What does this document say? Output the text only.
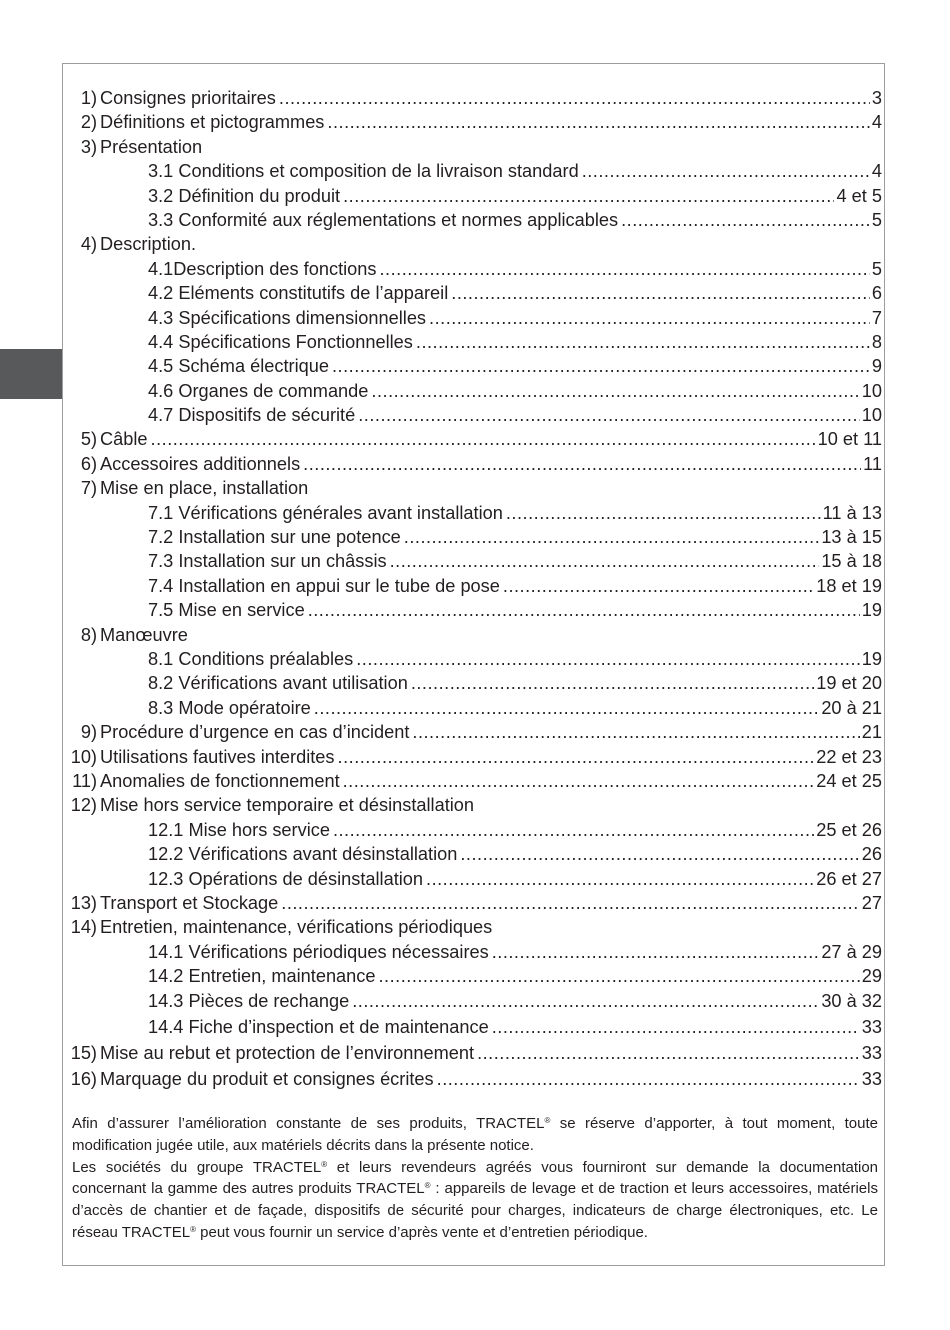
1) Consignes prioritaires .....	3
2) Définitions et pictogrammes .....	4
3) Présentation
3.1 Conditions et composition de la livraison standard .....	4
3.2 Définition du produit .....	4 et 5
3.3 Conformité aux réglementations et normes applicables .....	5
4) Description.
4.1Description des fonctions .....	5
4.2 Eléments constitutifs de l’appareil .....	6
4.3 Spécifications dimensionnelles .....	7
4.4 Spécifications Fonctionnelles .....	8
4.5 Schéma électrique .....	9
4.6 Organes de commande .....	10
4.7 Dispositifs de sécurité .....	10
5) Câble .....	10 et 11
6) Accessoires additionnels .....	11
7) Mise en place, installation
7.1 Vérifications générales avant installation .....	11 à 13
7.2 Installation sur une potence .....	13 à 15
7.3 Installation sur un châssis .....	15 à 18
7.4 Installation en appui sur le tube de pose .....	18 et 19
7.5 Mise en service .....	19
8) Manœuvre
8.1 Conditions préalables .....	19
8.2 Vérifications avant utilisation .....	19 et 20
8.3 Mode opératoire .....	20 à 21
9) Procédure d’urgence en cas d’incident .....	21
10) Utilisations fautives interdites .....	22 et 23
11) Anomalies de fonctionnement .....	24 et 25
12) Mise hors service temporaire et désinstallation
12.1 Mise hors service .....	25 et 26
12.2 Vérifications avant désinstallation .....	26
12.3 Opérations de désinstallation .....	26 et 27
13) Transport et Stockage .....	27
14) Entretien, maintenance, vérifications périodiques
14.1 Vérifications périodiques nécessaires .....	27 à 29
14.2 Entretien, maintenance .....	29
14.3 Pièces de rechange .....	30 à 32
14.4 Fiche d’inspection et de maintenance .....	33
15) Mise au rebut et protection de l’environnement .....	33
16) Marquage du produit et consignes écrites .....	33

Afin d’assurer l’amélioration constante de ses produits, TRACTEL® se réserve d’apporter, à tout moment, toute modification jugée utile, aux matériels décrits dans la présente notice.

Les sociétés du groupe TRACTEL® et leurs revendeurs agréés vous fourniront sur demande la documentation concernant la gamme des autres produits TRACTEL® : appareils de levage et de traction et leurs accessoires, matériels d’accès de chantier et de façade, dispositifs de sécurité pour charges, indicateurs de charge électroniques, etc. Le réseau TRACTEL® peut vous fournir un service d’après vente et d’entretien périodique.
